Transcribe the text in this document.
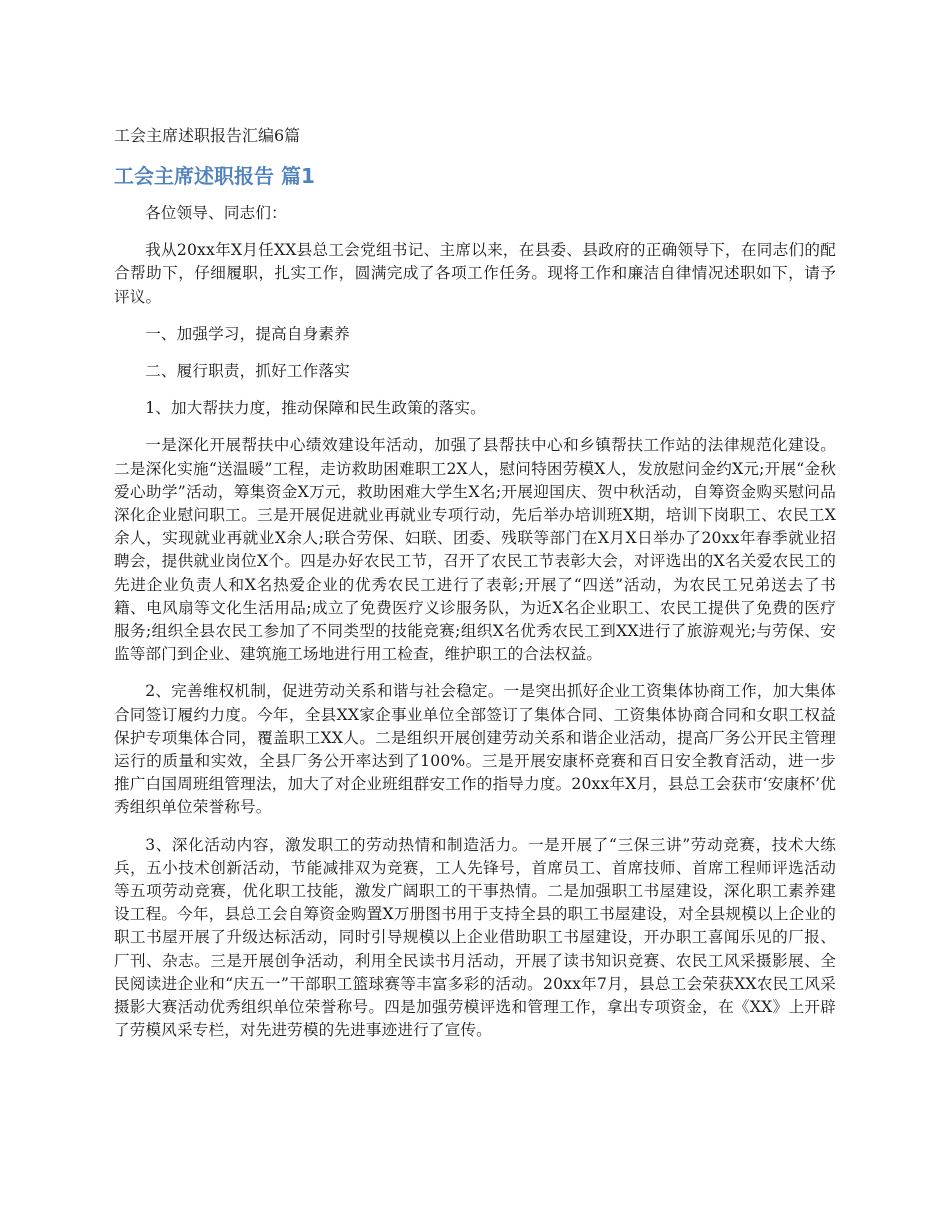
工会主席述职报告汇编6篇
工会主席述职报告 篇1

各位领导、同志们：

我从20xx年X月任XX县总工会党组书记、主席以来，在县委、县政府的正确领导下，在同志们的配合帮助下，仔细履职，扎实工作，圆满完成了各项工作任务。现将工作和廉洁自律情况述职如下，请予评议。

一、加强学习，提高自身素养

二、履行职责，抓好工作落实

1、加大帮扶力度，推动保障和民生政策的落实。

一是深化开展帮扶中心绩效建设年活动，加强了县帮扶中心和乡镇帮扶工作站的法律规范化建设。二是深化实施“送温暖”工程，走访救助困难职工2X人，慰问特困劳模X人，发放慰问金约X元;开展“金秋爱心助学”活动，筹集资金X万元，救助困难大学生X名;开展迎国庆、贺中秋活动，自筹资金购买慰问品深化企业慰问职工。三是开展促进就业再就业专项行动，先后举办培训班X期，培训下岗职工、农民工X余人，实现就业再就业X余人;联合劳保、妇联、团委、残联等部门在X月X日举办了20xx年春季就业招聘会，提供就业岗位X个。四是办好农民工节，召开了农民工节表彰大会，对评选出的X名关爱农民工的先进企业负责人和X名热爱企业的优秀农民工进行了表彰;开展了“四送”活动，为农民工兄弟送去了书籍、电风扇等文化生活用品;成立了免费医疗义诊服务队，为近X名企业职工、农民工提供了免费的医疗服务;组织全县农民工参加了不同类型的技能竞赛;组织X名优秀农民工到XX进行了旅游观光;与劳保、安监等部门到企业、建筑施工场地进行用工检查，维护职工的合法权益。

2、完善维权机制，促进劳动关系和谐与社会稳定。一是突出抓好企业工资集体协商工作，加大集体合同签订履约力度。今年，全县XX家企事业单位全部签订了集体合同、工资集体协商合同和女职工权益保护专项集体合同，覆盖职工XX人。二是组织开展创建劳动关系和谐企业活动，提高厂务公开民主管理运行的质量和实效，全县厂务公开率达到了100%。三是开展安康杯竞赛和百日安全教育活动，进一步推广白国周班组管理法，加大了对企业班组群安工作的指导力度。20xx年X月，县总工会获市‘安康杯’优秀组织单位荣誉称号。

3、深化活动内容，激发职工的劳动热情和制造活力。一是开展了“三保三讲”劳动竞赛，技术大练兵，五小技术创新活动，节能减排双为竞赛，工人先锋号，首席员工、首席技师、首席工程师评选活动等五项劳动竞赛，优化职工技能，激发广阔职工的干事热情。二是加强职工书屋建设，深化职工素养建设工程。今年，县总工会自筹资金购置X万册图书用于支持全县的职工书屋建设，对全县规模以上企业的职工书屋开展了升级达标活动，同时引导规模以上企业借助职工书屋建设，开办职工喜闻乐见的厂报、厂刊、杂志。三是开展创争活动，利用全民读书月活动，开展了读书知识竞赛、农民工风采摄影展、全民阅读进企业和“庆五一”干部职工篮球赛等丰富多彩的活动。20xx年7月，县总工会荣获XX农民工风采摄影大赛活动优秀组织单位荣誉称号。四是加强劳模评选和管理工作，拿出专项资金，在《XX》上开辟了劳模风采专栏，对先进劳模的先进事迹进行了宣传。
